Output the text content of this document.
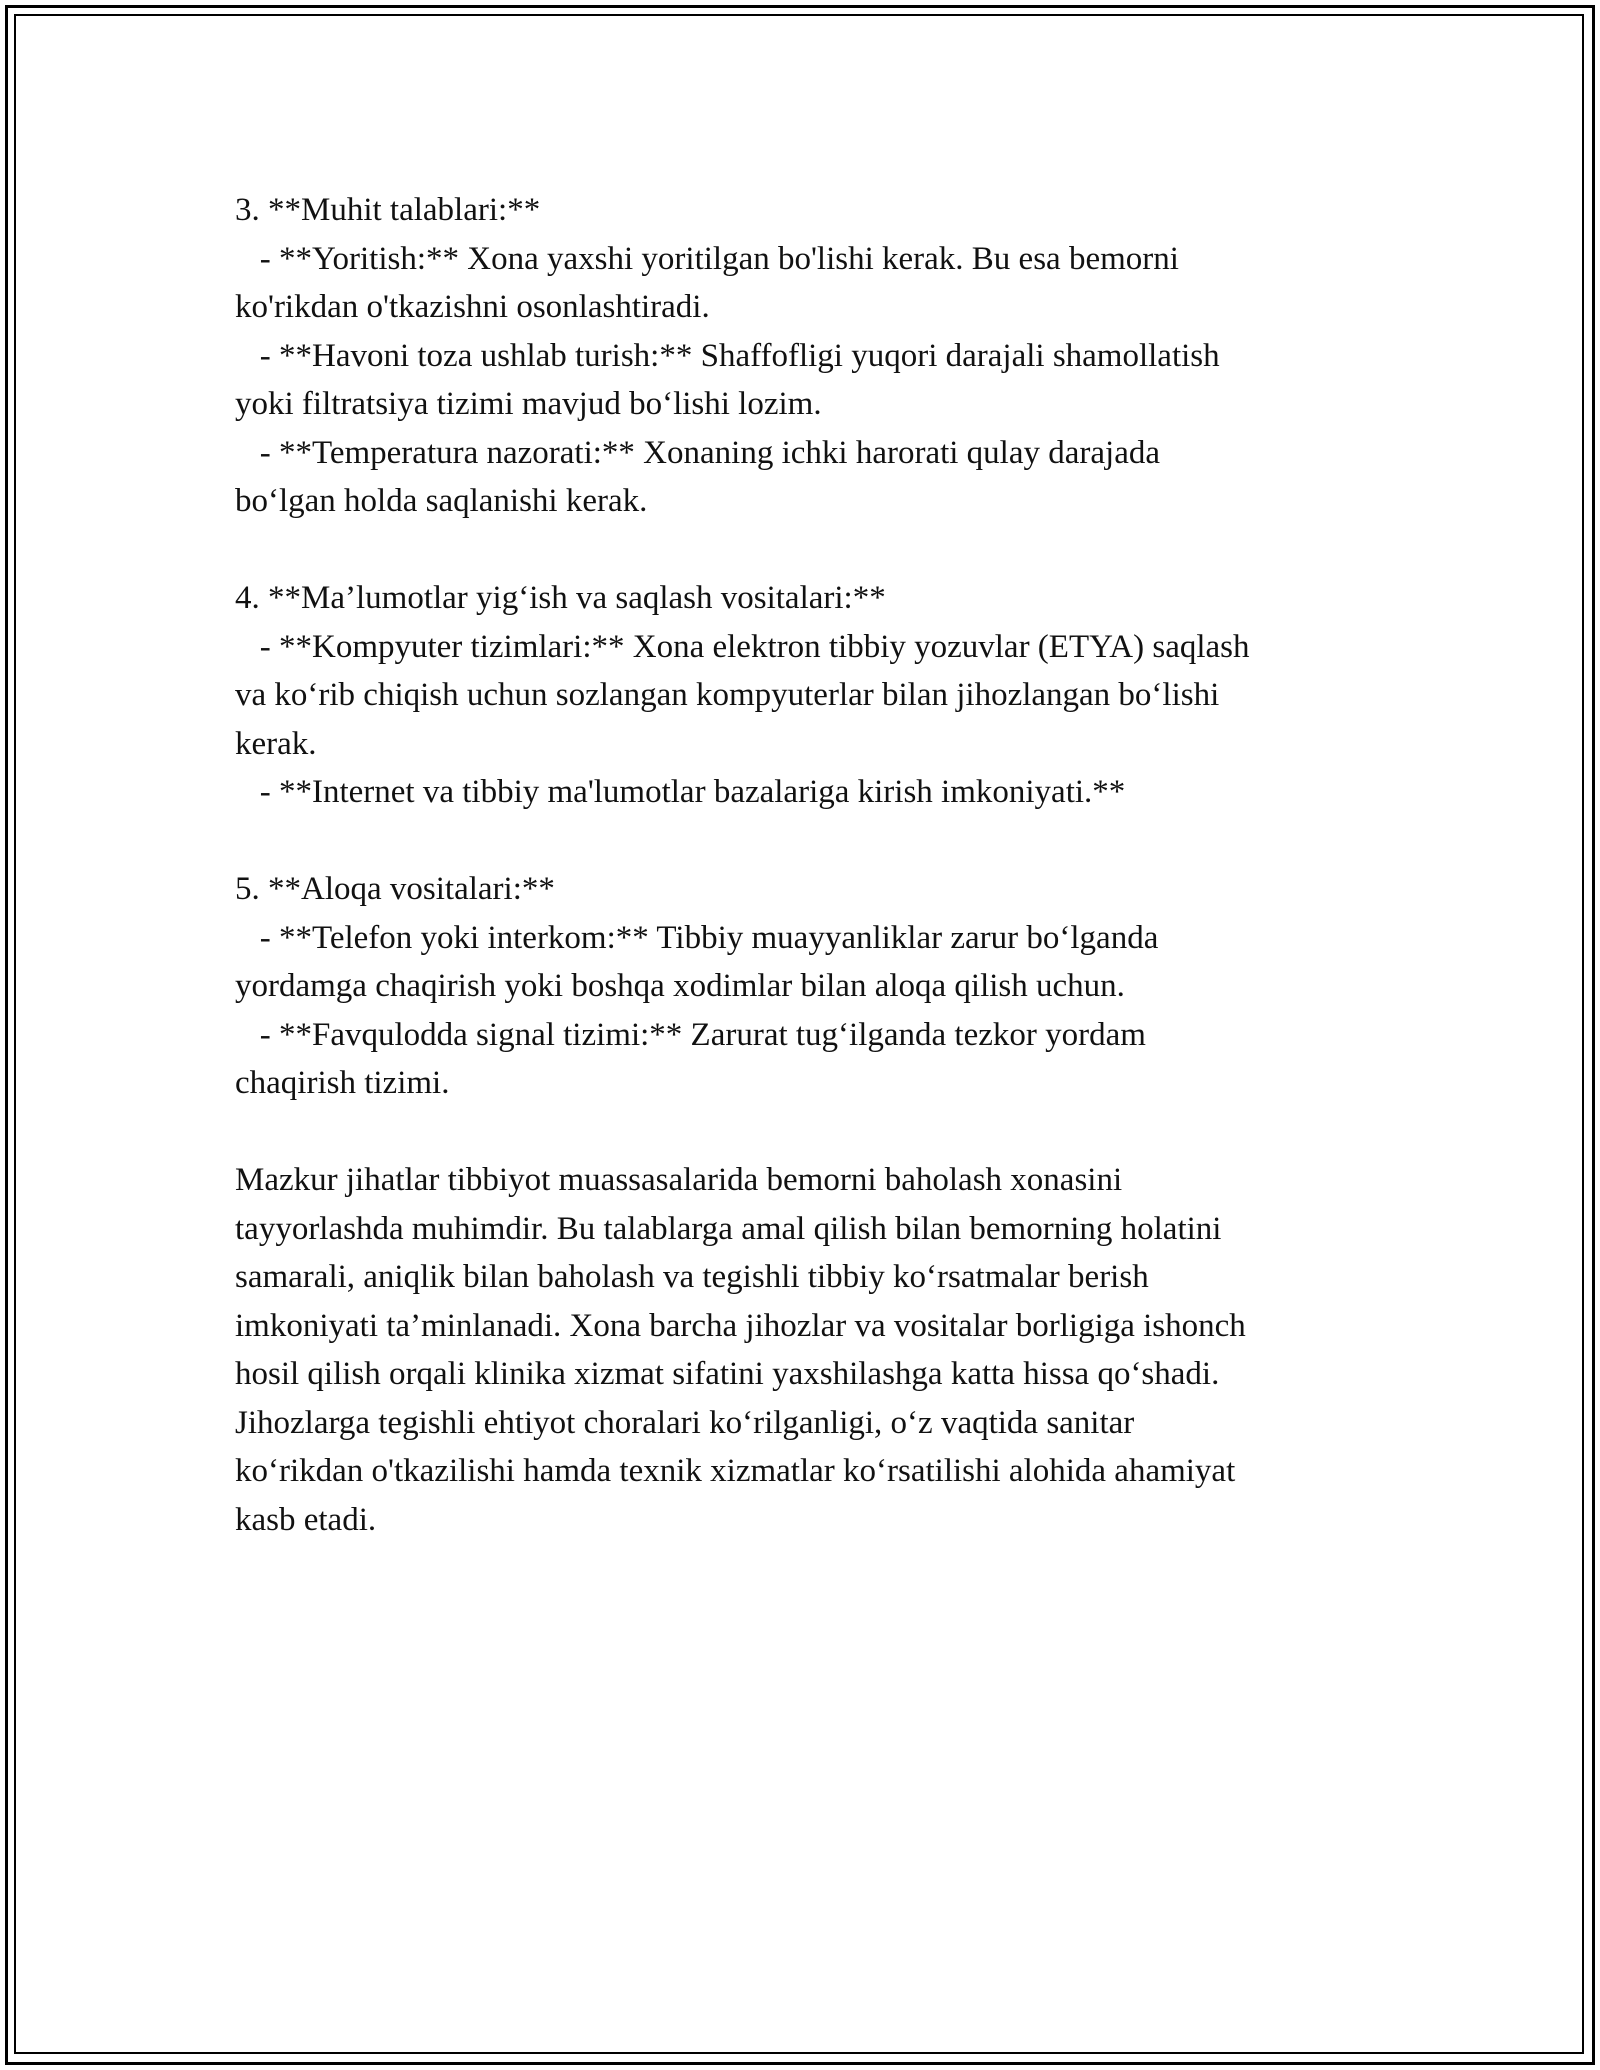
3. **Muhit talablari:**
- **Yoritish:** Xona yaxshi yoritilgan bo'lishi kerak. Bu esa bemorni
ko'rikdan o'tkazishni osonlashtiradi.
- **Havoni toza ushlab turish:** Shaffofligi yuqori darajali shamollatish
yoki filtratsiya tizimi mavjud bo‘lishi lozim.
- **Temperatura nazorati:** Xonaning ichki harorati qulay darajada
bo‘lgan holda saqlanishi kerak.
4. **Ma’lumotlar yig‘ish va saqlash vositalari:**
- **Kompyuter tizimlari:** Xona elektron tibbiy yozuvlar (ETYA) saqlash
va ko‘rib chiqish uchun sozlangan kompyuterlar bilan jihozlangan bo‘lishi
kerak.
- **Internet va tibbiy ma'lumotlar bazalariga kirish imkoniyati.**
5. **Aloqa vositalari:**
- **Telefon yoki interkom:** Tibbiy muayyanliklar zarur bo‘lganda
yordamga chaqirish yoki boshqa xodimlar bilan aloqa qilish uchun.
- **Favqulodda signal tizimi:** Zarurat tug‘ilganda tezkor yordam
chaqirish tizimi.
Mazkur jihatlar tibbiyot muassasalarida bemorni baholash xonasini
tayyorlashda muhimdir. Bu talablarga amal qilish bilan bemorning holatini
samarali, aniqlik bilan baholash va tegishli tibbiy ko‘rsatmalar berish
imkoniyati ta’minlanadi. Xona barcha jihozlar va vositalar borligiga ishonch
hosil qilish orqali klinika xizmat sifatini yaxshilashga katta hissa qo‘shadi.
Jihozlarga tegishli ehtiyot choralari ko‘rilganligi, o‘z vaqtida sanitar
ko‘rikdan o'tkazilishi hamda texnik xizmatlar ko‘rsatilishi alohida ahamiyat
kasb etadi.
